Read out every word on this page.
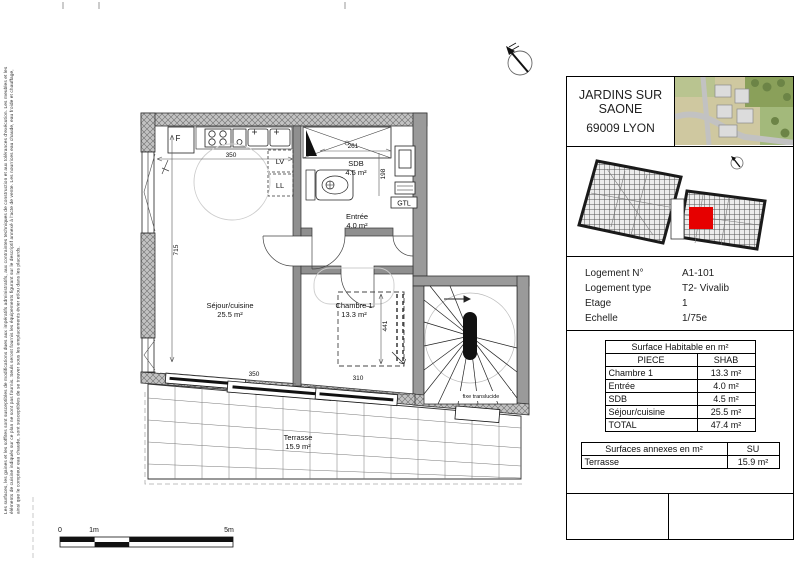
Les surfaces, les gaines et les soffites sont susceptibles de modifications dues aux impératifs administratifs, aux contraintes techniques de construction et aux tolérances d'exécution. Les meubles et les éléments de cuisine indiqués sur ce plan ne sont pas fournis. Seuls seront fournis les équipements figurant sur le descriptif annexé à l'acte de vente. Les nourrices eau chaude, eau froide et chauffage, ainsi que le compteur eau chaude, sont susceptibles de se trouver sous les emplacements évier et/ou dans les placards.	Terrasse
15.9 m²
F
LV
LL
GTL
fixe translucide
350
715
261
198
441
350
310
Séjour/cuisine
25.5 m²
Chambre 1
13.3 m²
Entrée
4.0 m²
SDB
4.5 m²
0	1m	5m
JARDINS SUR SAONE
69009 LYON
Logement N°	A1-101
Logement type	T2- Vivalib
Etage	1
Echelle	1/75e
Surface Habitable en m²	
PIECE	SHAB
Chambre 1	13.3 m²
Entrée	4.0 m²
SDB	4.5 m²
Séjour/cuisine	25.5 m²
TOTAL	47.4 m²
Surfaces annexes en m²	SU
Terrasse	15.9 m²
